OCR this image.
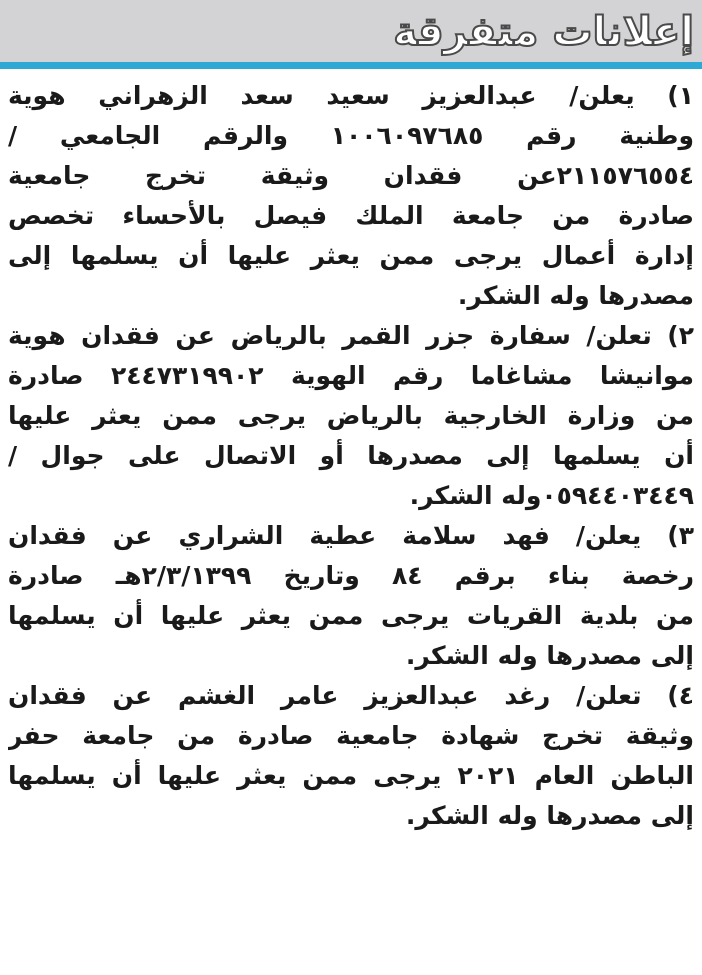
إعلانات متفرقة
١) يعلن/ عبدالعزيز سعيد سعد الزهراني هوية
وطنية رقم ١٠٠٦٠٩٧٦٨٥ والرقم الجامعي /
٢١١٥٧٦٥٥٤عن فقدان وثيقة تخرج جامعية
صادرة من جامعة الملك فيصل بالأحساء تخصص
إدارة أعمال يرجى ممن يعثر عليها أن يسلمها إلى
مصدرها وله الشكر.
٢) تعلن/ سفارة جزر القمر بالرياض عن فقدان هوية
موانيشا مشاغاما رقم الهوية ٢٤٤٧٣١٩٩٠٢ صادرة
من وزارة الخارجية بالرياض يرجى ممن يعثر عليها
أن يسلمها إلى مصدرها أو الاتصال على جوال /
٠٥٩٤٤٠٣٤٤٩وله الشكر.
٣) يعلن/ فهد سلامة عطية الشراري عن فقدان
رخصة بناء برقم ٨٤ وتاريخ ٢/٣/١٣٩٩هـ صادرة
من بلدية القريات يرجى ممن يعثر عليها أن يسلمها
إلى مصدرها وله الشكر.
٤) تعلن/ رغد عبدالعزيز عامر الغشم عن فقدان
وثيقة تخرج شهادة جامعية صادرة من جامعة حفر
الباطن العام ٢٠٢١ يرجى ممن يعثر عليها أن يسلمها
إلى مصدرها وله الشكر.
